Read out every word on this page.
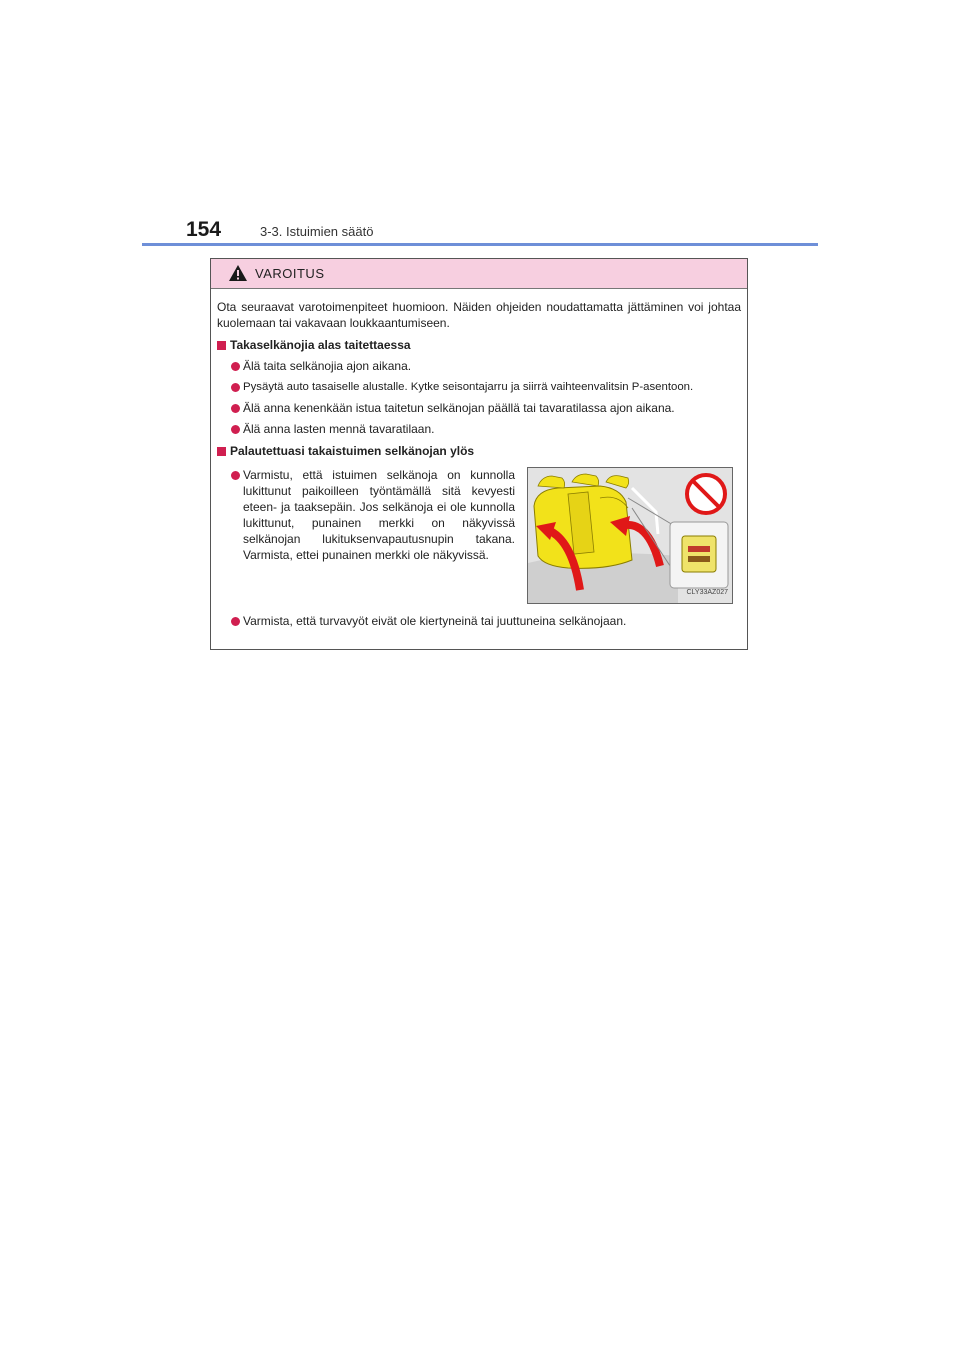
154	3-3. Istuimien säätö
VAROITUS

Ota seuraavat varotoimenpiteet huomioon. Näiden ohjeiden noudattamatta jättäminen voi johtaa kuolemaan tai vakavaan loukkaantumiseen.

Takaselkänojia alas taitettaessa
Älä taita selkänojia ajon aikana.
Pysäytä auto tasaiselle alustalle. Kytke seisontajarru ja siirrä vaihteenvalitsin P-asentoon.
Älä anna kenenkään istua taitetun selkänojan päällä tai tavaratilassa ajon aikana.
Älä anna lasten mennä tavaratilaan.
Palautettuasi takaistuimen selkänojan ylös
Varmistu, että istuimen selkänoja on kunnolla lukittunut paikoilleen työntämällä sitä kevyesti eteen- ja taaksepäin. Jos selkänoja ei ole kunnolla lukittunut, punainen merkki on näkyvissä selkänojan lukituksenvapautusnupin takana. Varmista, ettei punainen merkki ole näkyvissä.
CLY33AZ027
Varmista, että turvavyöt eivät ole kiertyneinä tai juuttuneina selkänojaan.
